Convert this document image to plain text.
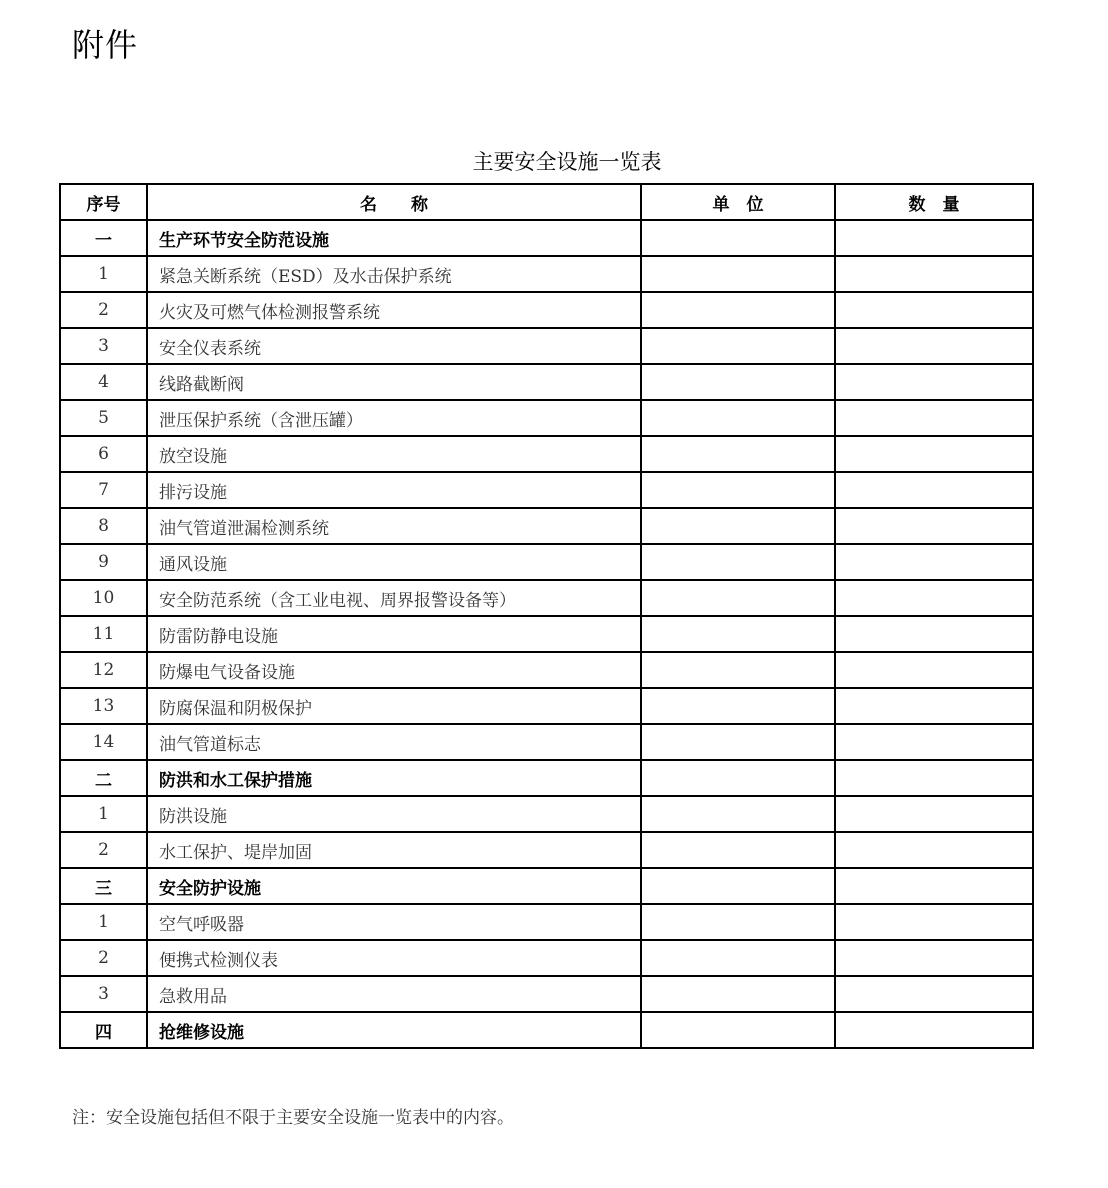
附件
主要安全设施一览表
序号	名　　称	单　位	数　量
一	生产环节安全防范设施		
1	紧急关断系统（ESD）及水击保护系统		
2	火灾及可燃气体检测报警系统		
3	安全仪表系统		
4	线路截断阀		
5	泄压保护系统（含泄压罐）		
6	放空设施		
7	排污设施		
8	油气管道泄漏检测系统		
9	通风设施		
10	安全防范系统（含工业电视、周界报警设备等）		
11	防雷防静电设施		
12	防爆电气设备设施		
13	防腐保温和阴极保护		
14	油气管道标志		
二	防洪和水工保护措施		
1	防洪设施		
2	水工保护、堤岸加固		
三	安全防护设施		
1	空气呼吸器		
2	便携式检测仪表		
3	急救用品		
四	抢维修设施		
注：安全设施包括但不限于主要安全设施一览表中的内容。
